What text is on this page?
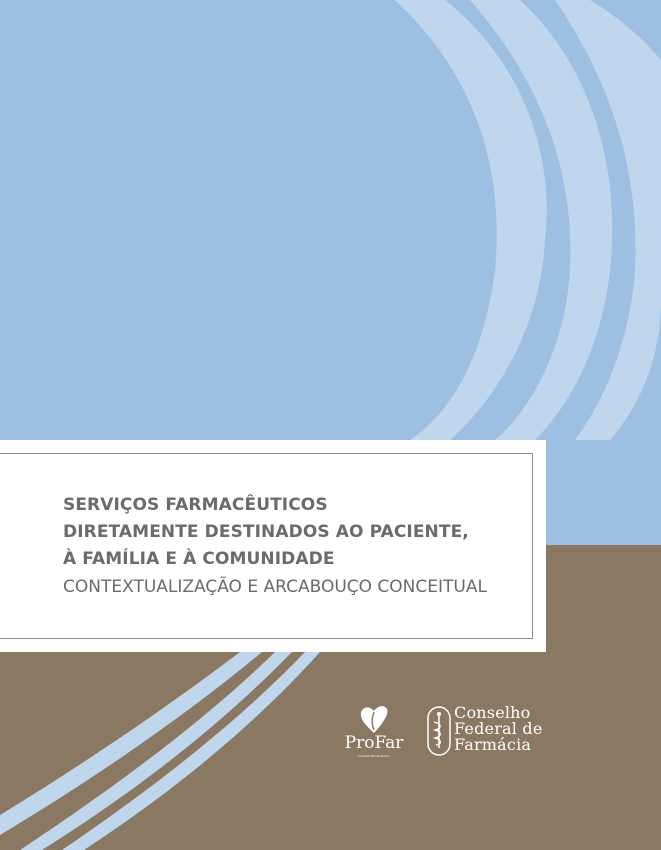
SERVIÇOS FARMACÊUTICOS
DIRETAMENTE DESTINADOS AO PACIENTE,
À FAMÍLIA E À COMUNIDADE
CONTEXTUALIZAÇÃO E ARCABOUÇO CONCEITUAL
ProFar
cuidado farmacêutico
Conselho
Federal de
Farmácia
